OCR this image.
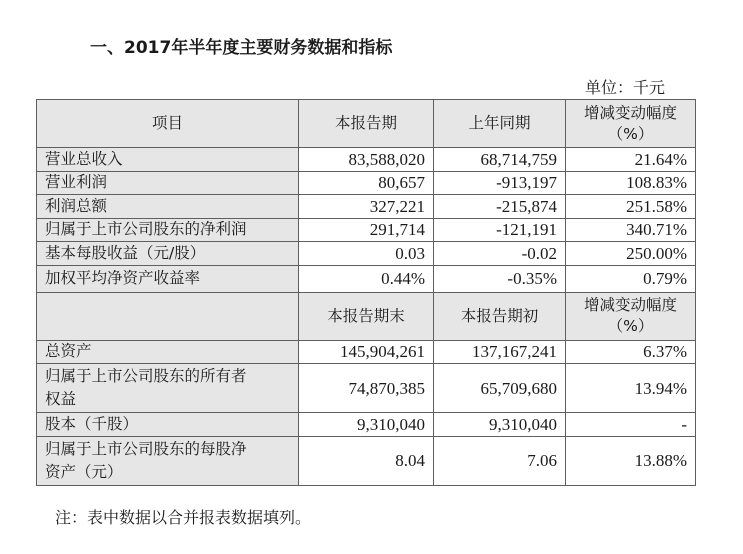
一、2017年半年度主要财务数据和指标
单位：千元
项目	本报告期	上年同期	增减变动幅度
（%）

营业总收入	83,588,020	68,714,759	21.64%
营业利润	80,657	-913,197	108.83%
利润总额	327,221	-215,874	251.58%
归属于上市公司股东的净利润	291,714	-121,191	340.71%
基本每股收益（元/股）	0.03	-0.02	250.00%
加权平均净资产收益率	0.44%	-0.35%	0.79%
	本报告期末	本报告期初	增减变动幅度
（%）

总资产	145,904,261	137,167,241	6.37%

归属于上市公司股东的所有者
权益	74,870,385	65,709,680	13.94%
股本（千股）	9,310,040	9,310,040	-

归属于上市公司股东的每股净
资产（元）	8.04	7.06	13.88%
注：表中数据以合并报表数据填列。
